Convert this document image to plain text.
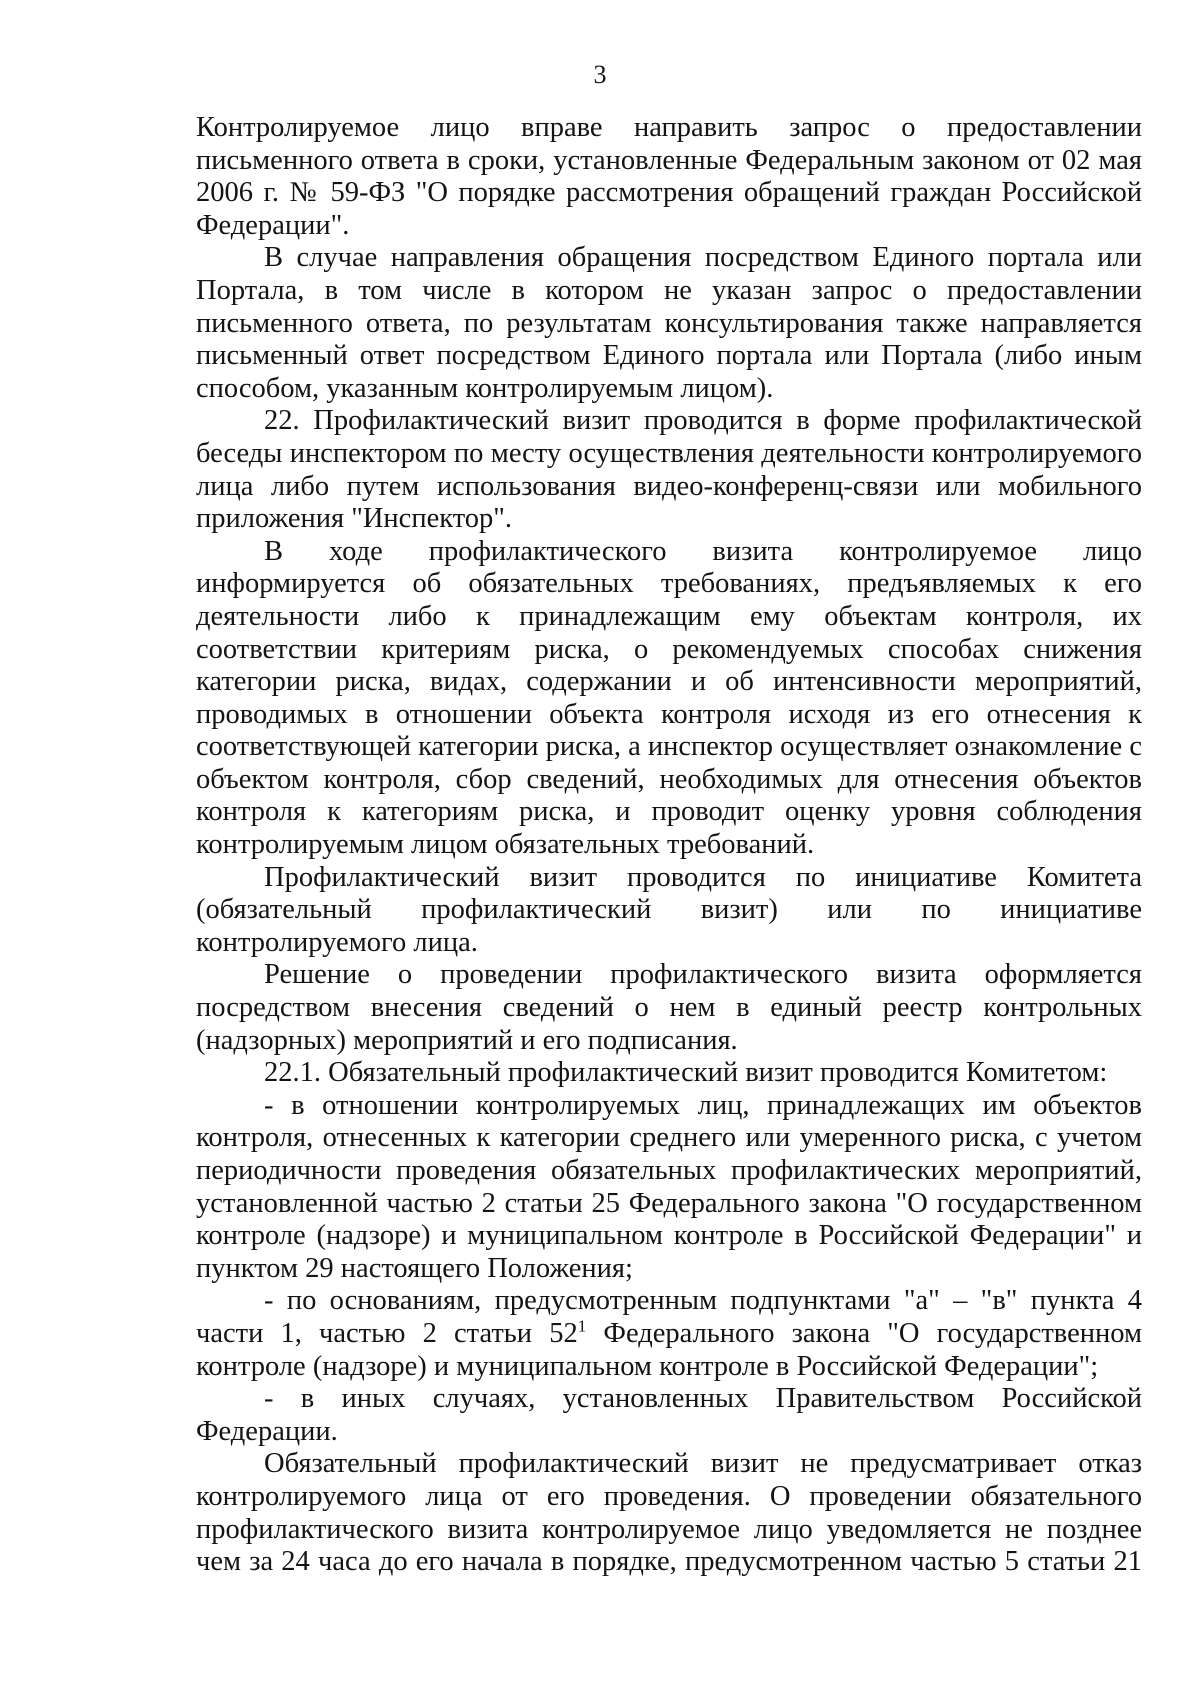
3

Контролируемое лицо вправе направить запрос о предоставлении письменного ответа в сроки, установленные Федеральным законом от 02 мая 2006 г. № 59-ФЗ "О порядке рассмотрения обращений граждан Российской Федерации".

В случае направления обращения посредством Единого портала или Портала, в том числе в котором не указан запрос о предоставлении письменного ответа, по результатам консультирования также направляется письменный ответ посредством Единого портала или Портала (либо иным способом, указанным контролируемым лицом).

22. Профилактический визит проводится в форме профилактической беседы инспектором по месту осуществления деятельности контролируемого лица либо путем использования видео-конференц-связи или мобильного приложения "Инспектор".

В ходе профилактического визита контролируемое лицо информируется об обязательных требованиях, предъявляемых к его деятельности либо к принадлежащим ему объектам контроля, их соответствии критериям риска, о рекомендуемых способах снижения категории риска, видах, содержании и об интенсивности мероприятий, проводимых в отношении объекта контроля исходя из его отнесения к соответствующей категории риска, а инспектор осуществляет ознакомление с объектом контроля, сбор сведений, необходимых для отнесения объектов контроля к категориям риска, и проводит оценку уровня соблюдения контролируемым лицом обязательных требований.

Профилактический визит проводится по инициативе Комитета (обязательный профилактический визит) или по инициативе контролируемого лица.

Решение о проведении профилактического визита оформляется посредством внесения сведений о нем в единый реестр контрольных (надзорных) мероприятий и его подписания.

22.1. Обязательный профилактический визит проводится Комитетом:

- в отношении контролируемых лиц, принадлежащих им объектов контроля, отнесенных к категории среднего или умеренного риска, с учетом периодичности проведения обязательных профилактических мероприятий, установленной частью 2 статьи 25 Федерального закона "О государственном контроле (надзоре) и муниципальном контроле в Российской Федерации" и пунктом 29 настоящего Положения;

- по основаниям, предусмотренным подпунктами "а" – "в" пункта 4 части 1, частью 2 статьи $52^1$ Федерального закона "О государственном контроле (надзоре) и муниципальном контроле в Российской Федерации";

- в иных случаях, установленных Правительством Российской Федерации.

Обязательный профилактический визит не предусматривает отказ контролируемого лица от его проведения. О проведении обязательного профилактического визита контролируемое лицо уведомляется не позднее чем за 24 часа до его начала в порядке, предусмотренном частью 5 статьи 21
